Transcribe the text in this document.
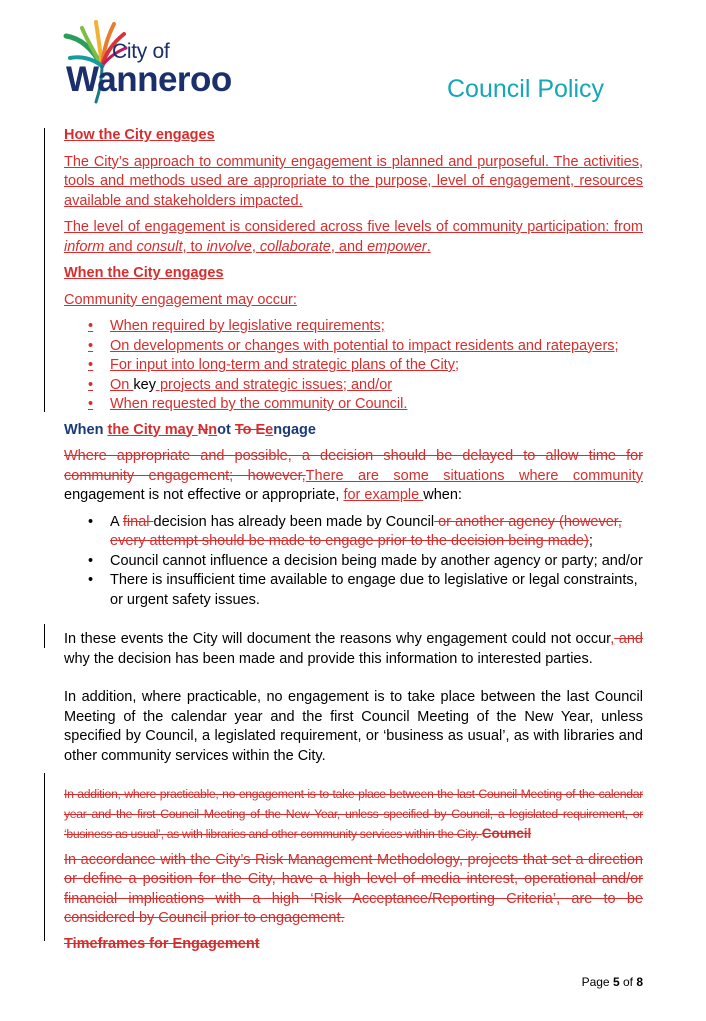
City of
Wanneroo	Council Policy

How the City engages

The City’s approach to community engagement is planned and purposeful. The activities, tools and methods used are appropriate to the purpose, level of engagement, resources available and stakeholders impacted.

The level of engagement is considered across five levels of community participation: from inform and consult, to involve, collaborate, and empower.

When the City engages

Community engagement may occur:

• When required by legislative requirements;
• On developments or changes with potential to impact residents and ratepayers;
• For input into long-term and strategic plans of the City;
• On key projects and strategic issues; and/or
• When requested by the community or Council.

When the City may Nnot To Eengage

Where appropriate and possible, a decision should be delayed to allow time for community engagement; however,There are some situations where community engagement is not effective or appropriate, for example when:

• A final decision has already been made by Council or another agency (however, every attempt should be made to engage prior to the decision being made);
• Council cannot influence a decision being made by another agency or party; and/or
• There is insufficient time available to engage due to legislative or legal constraints, or urgent safety issues.

In these events the City will document the reasons why engagement could not occur, and why the decision has been made and provide this information to interested parties.

In addition, where practicable, no engagement is to take place between the last Council Meeting of the calendar year and the first Council Meeting of the New Year, unless specified by Council, a legislated requirement, or ‘business as usual’, as with libraries and other community services within the City.

In addition, where practicable, no engagement is to take place between the last Council Meeting of the calendar year and the first Council Meeting of the New Year, unless specified by Council, a legislated requirement, or ‘business as usual’, as with libraries and other community services within the City. Council

In accordance with the City’s Risk Management Methodology, projects that set a direction or define a position for the City, have a high level of media interest, operational and/or financial implications with a high ‘Risk Acceptance/Reporting Criteria’, are to be considered by Council prior to engagement.

Timeframes for Engagement

Page 5 of 8
